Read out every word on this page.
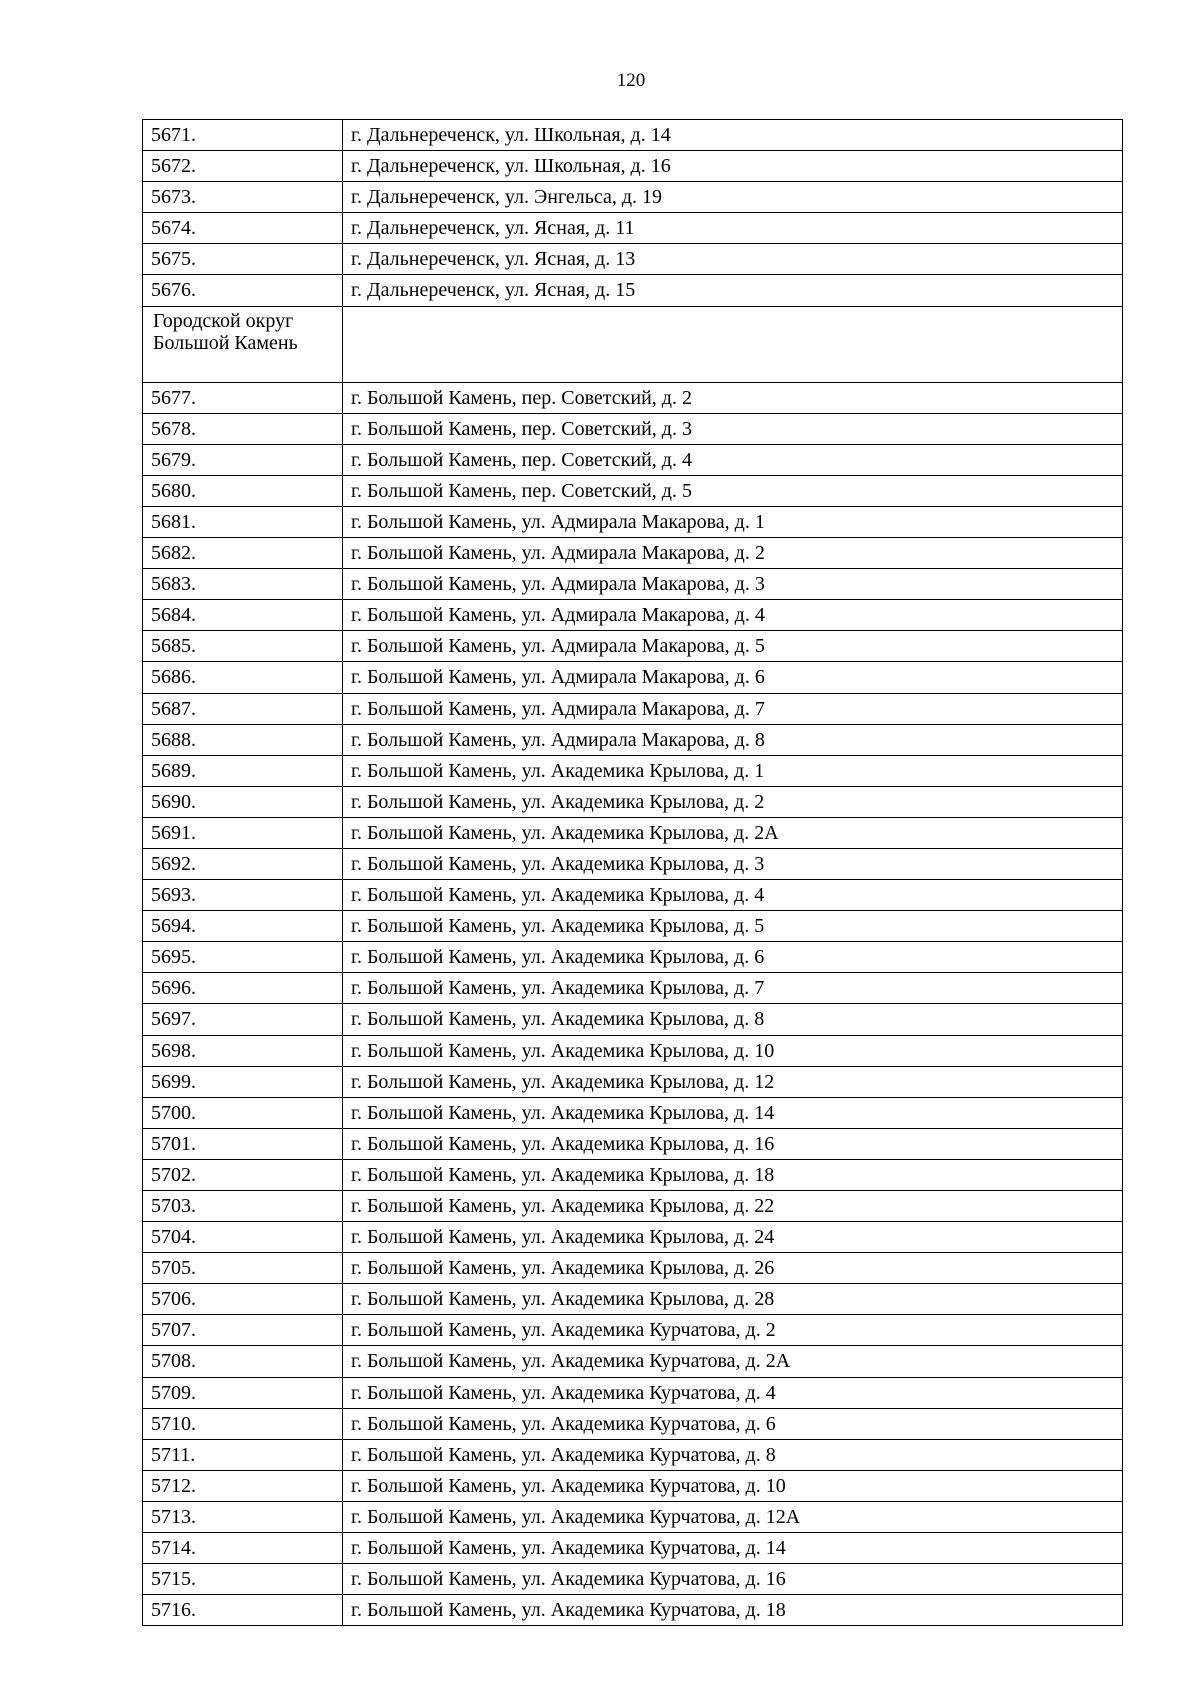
120
5671.	г. Дальнереченск, ул. Школьная, д. 14
5672.	г. Дальнереченск, ул. Школьная, д. 16
5673.	г. Дальнереченск, ул. Энгельса, д. 19
5674.	г. Дальнереченск, ул. Ясная, д. 11
5675.	г. Дальнереченск, ул. Ясная, д. 13
5676.	г. Дальнереченск, ул. Ясная, д. 15
Городской округ Большой Камень	
5677.	г. Большой Камень, пер. Советский, д. 2
5678.	г. Большой Камень, пер. Советский, д. 3
5679.	г. Большой Камень, пер. Советский, д. 4
5680.	г. Большой Камень, пер. Советский, д. 5
5681.	г. Большой Камень, ул. Адмирала Макарова, д. 1
5682.	г. Большой Камень, ул. Адмирала Макарова, д. 2
5683.	г. Большой Камень, ул. Адмирала Макарова, д. 3
5684.	г. Большой Камень, ул. Адмирала Макарова, д. 4
5685.	г. Большой Камень, ул. Адмирала Макарова, д. 5
5686.	г. Большой Камень, ул. Адмирала Макарова, д. 6
5687.	г. Большой Камень, ул. Адмирала Макарова, д. 7
5688.	г. Большой Камень, ул. Адмирала Макарова, д. 8
5689.	г. Большой Камень, ул. Академика Крылова, д. 1
5690.	г. Большой Камень, ул. Академика Крылова, д. 2
5691.	г. Большой Камень, ул. Академика Крылова, д. 2А
5692.	г. Большой Камень, ул. Академика Крылова, д. 3
5693.	г. Большой Камень, ул. Академика Крылова, д. 4
5694.	г. Большой Камень, ул. Академика Крылова, д. 5
5695.	г. Большой Камень, ул. Академика Крылова, д. 6
5696.	г. Большой Камень, ул. Академика Крылова, д. 7
5697.	г. Большой Камень, ул. Академика Крылова, д. 8
5698.	г. Большой Камень, ул. Академика Крылова, д. 10
5699.	г. Большой Камень, ул. Академика Крылова, д. 12
5700.	г. Большой Камень, ул. Академика Крылова, д. 14
5701.	г. Большой Камень, ул. Академика Крылова, д. 16
5702.	г. Большой Камень, ул. Академика Крылова, д. 18
5703.	г. Большой Камень, ул. Академика Крылова, д. 22
5704.	г. Большой Камень, ул. Академика Крылова, д. 24
5705.	г. Большой Камень, ул. Академика Крылова, д. 26
5706.	г. Большой Камень, ул. Академика Крылова, д. 28
5707.	г. Большой Камень, ул. Академика Курчатова, д. 2
5708.	г. Большой Камень, ул. Академика Курчатова, д. 2А
5709.	г. Большой Камень, ул. Академика Курчатова, д. 4
5710.	г. Большой Камень, ул. Академика Курчатова, д. 6
5711.	г. Большой Камень, ул. Академика Курчатова, д. 8
5712.	г. Большой Камень, ул. Академика Курчатова, д. 10
5713.	г. Большой Камень, ул. Академика Курчатова, д. 12А
5714.	г. Большой Камень, ул. Академика Курчатова, д. 14
5715.	г. Большой Камень, ул. Академика Курчатова, д. 16
5716.	г. Большой Камень, ул. Академика Курчатова, д. 18
